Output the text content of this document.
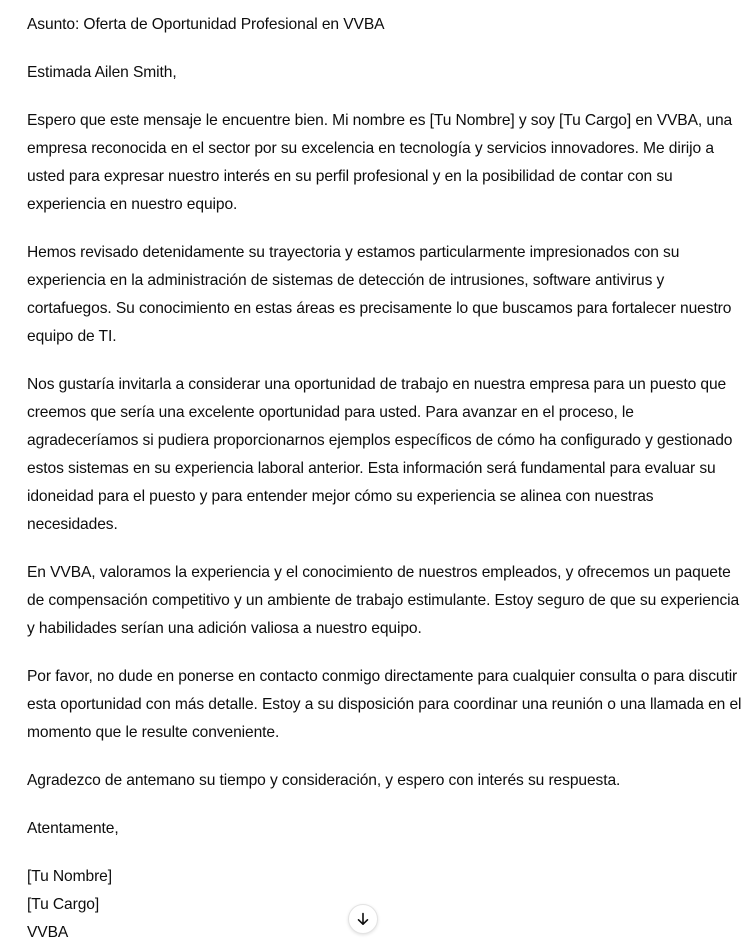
Asunto: Oferta de Oportunidad Profesional en VVBA

Estimada Ailen Smith,

Espero que este mensaje le encuentre bien. Mi nombre es [Tu Nombre] y soy [Tu Cargo] en VVBA, una empresa reconocida en el sector por su excelencia en tecnología y servicios innovadores. Me dirijo a usted para expresar nuestro interés en su perfil profesional y en la posibilidad de contar con su experiencia en nuestro equipo.

Hemos revisado detenidamente su trayectoria y estamos particularmente impresionados con su experiencia en la administración de sistemas de detección de intrusiones, software antivirus y cortafuegos. Su conocimiento en estas áreas es precisamente lo que buscamos para fortalecer nuestro equipo de TI.

Nos gustaría invitarla a considerar una oportunidad de trabajo en nuestra empresa para un puesto que creemos que sería una excelente oportunidad para usted. Para avanzar en el proceso, le agradeceríamos si pudiera proporcionarnos ejemplos específicos de cómo ha configurado y gestionado estos sistemas en su experiencia laboral anterior. Esta información será fundamental para evaluar su idoneidad para el puesto y para entender mejor cómo su experiencia se alinea con nuestras necesidades.

En VVBA, valoramos la experiencia y el conocimiento de nuestros empleados, y ofrecemos un paquete de compensación competitivo y un ambiente de trabajo estimulante. Estoy seguro de que su experiencia y habilidades serían una adición valiosa a nuestro equipo.

Por favor, no dude en ponerse en contacto conmigo directamente para cualquier consulta o para discutir esta oportunidad con más detalle. Estoy a su disposición para coordinar una reunión o una llamada en el momento que le resulte conveniente.

Agradezco de antemano su tiempo y consideración, y espero con interés su respuesta.

Atentamente,

[Tu Nombre]

[Tu Cargo]

VVBA
